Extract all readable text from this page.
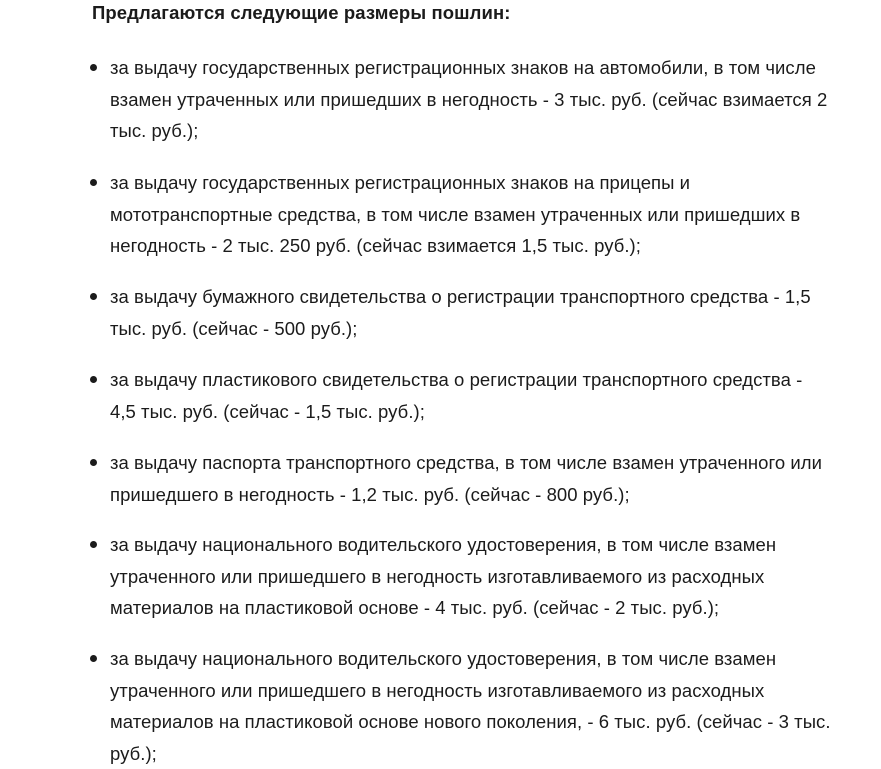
Предлагаются следующие размеры пошлин:
за выдачу государственных регистрационных знаков на автомобили, в том числе
взамен утраченных или пришедших в негодность - 3 тыс. руб. (сейчас взимается 2
тыс. руб.);
за выдачу государственных регистрационных знаков на прицепы и
мототранспортные средства, в том числе взамен утраченных или пришедших в
негодность - 2 тыс. 250 руб. (сейчас взимается 1,5 тыс. руб.);
за выдачу бумажного свидетельства о регистрации транспортного средства - 1,5
тыс. руб. (сейчас - 500 руб.);
за выдачу пластикового свидетельства о регистрации транспортного средства -
4,5 тыс. руб. (сейчас - 1,5 тыс. руб.);
за выдачу паспорта транспортного средства, в том числе взамен утраченного или
пришедшего в негодность - 1,2 тыс. руб. (сейчас - 800 руб.);
за выдачу национального водительского удостоверения, в том числе взамен
утраченного или пришедшего в негодность изготавливаемого из расходных
материалов на пластиковой основе - 4 тыс. руб. (сейчас - 2 тыс. руб.);
за выдачу национального водительского удостоверения, в том числе взамен
утраченного или пришедшего в негодность изготавливаемого из расходных
материалов на пластиковой основе нового поколения, - 6 тыс. руб. (сейчас - 3 тыс.
руб.);
